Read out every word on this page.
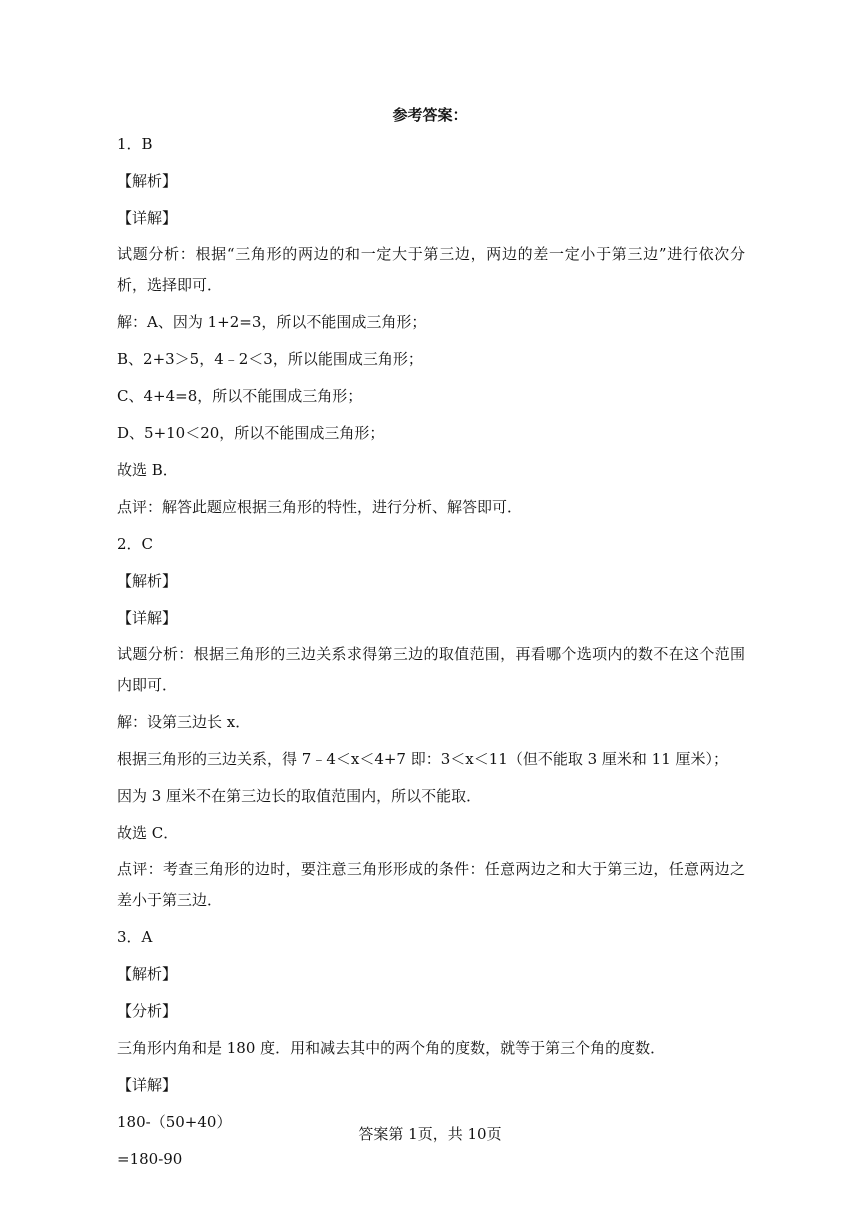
参考答案：
1．B
【解析】
【详解】
试题分析：根据“三角形的两边的和一定大于第三边，两边的差一定小于第三边”进行依次分析，选择即可．
解：A、因为 1+2=3，所以不能围成三角形；
B、2+3＞5，4﹣2＜3，所以能围成三角形；
C、4+4=8，所以不能围成三角形；
D、5+10＜20，所以不能围成三角形；
故选 B．
点评：解答此题应根据三角形的特性，进行分析、解答即可．
2．C
【解析】
【详解】
试题分析：根据三角形的三边关系求得第三边的取值范围，再看哪个选项内的数不在这个范围内即可．
解：设第三边长 x．
根据三角形的三边关系，得 7﹣4＜x＜4+7 即：3＜x＜11（但不能取 3 厘米和 11 厘米）；
因为 3 厘米不在第三边长的取值范围内，所以不能取．
故选 C．
点评：考查三角形的边时，要注意三角形形成的条件：任意两边之和大于第三边，任意两边之差小于第三边．
3．A
【解析】
【分析】
三角形内角和是 180 度．用和减去其中的两个角的度数，就等于第三个角的度数．
【详解】
180-（50+40）
=180-90
答案第 1页，共 10页
